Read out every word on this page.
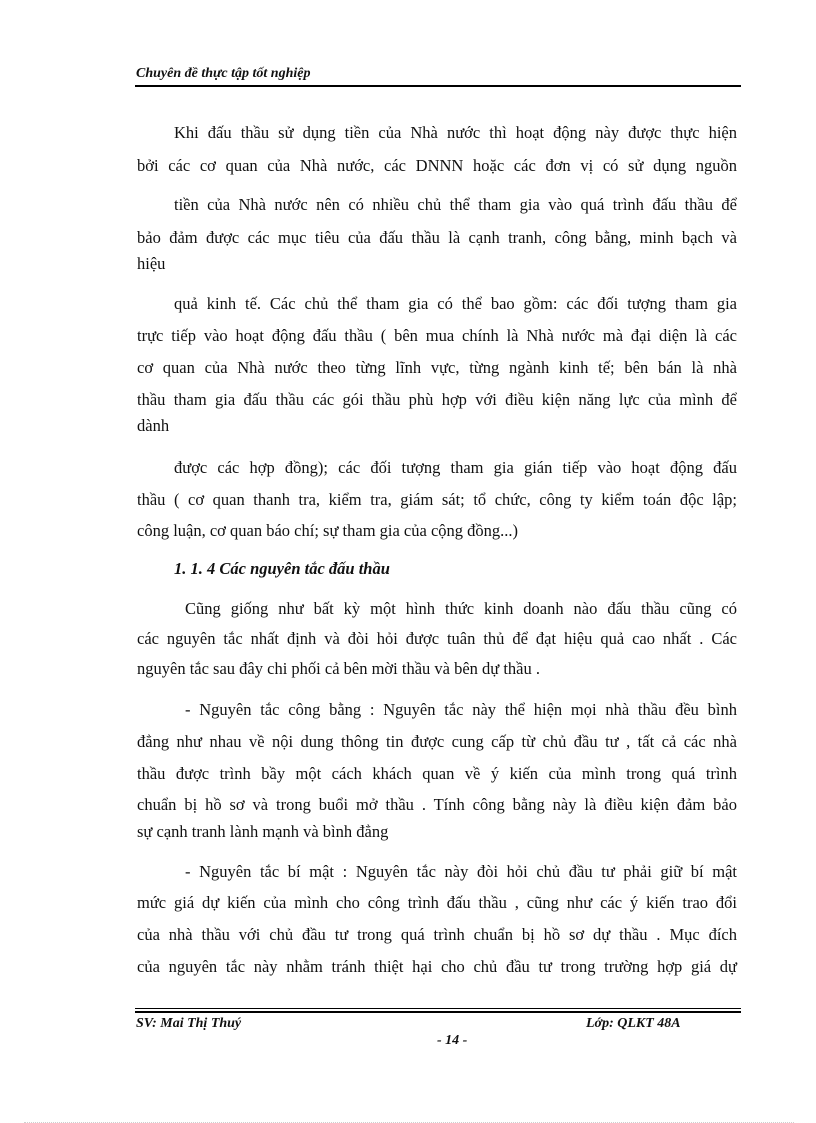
Chuyên đề thực tập tốt nghiệp
Khi đấu thầu sử dụng tiền của Nhà nước thì hoạt động này được thực hiện
bởi các cơ quan của Nhà nước, các DNNN hoặc các đơn vị có sử dụng nguồn
tiền của Nhà nước nên có nhiều chủ thể tham gia vào quá trình đấu thầu để
bảo đảm được các mục tiêu của đấu thầu là cạnh tranh, công bằng, minh bạch và
hiệu
quả kinh tế. Các chủ thể tham gia có thể bao gồm: các đối tượng tham gia
trực tiếp vào hoạt động đấu thầu ( bên mua chính là Nhà nước mà đại diện là các
cơ quan của Nhà nước theo từng lĩnh vực, từng ngành kinh tế; bên bán là nhà
thầu tham gia đấu thầu các gói thầu phù hợp với điều kiện năng lực của mình để
dành
được các hợp đồng); các đối tượng tham gia gián tiếp vào hoạt động đấu
thầu ( cơ quan thanh tra, kiểm tra, giám sát; tổ chức, công ty kiểm toán độc lập;
công luận, cơ quan báo chí; sự tham gia của cộng đồng...)
1. 1. 4 Các nguyên tắc đấu thầu
Cũng giống như bất kỳ một hình thức kinh doanh nào đấu thầu cũng có
các nguyên tắc nhất định và đòi hỏi được tuân thủ để đạt hiệu quả cao nhất . Các
nguyên tắc sau đây chi phối cả bên mời thầu và bên dự thầu .
- Nguyên tắc công bằng : Nguyên tắc này thể hiện mọi nhà thầu đều bình
đẳng như nhau về nội dung thông tin được cung cấp từ chủ đầu tư , tất cả các nhà
thầu được trình bầy một cách khách quan về ý kiến của mình trong quá trình
chuẩn bị hồ sơ và trong buổi mở thầu . Tính công bằng này là điều kiện đảm bảo
sự cạnh tranh lành mạnh và bình đẳng
- Nguyên tắc bí mật : Nguyên tắc này đòi hỏi chủ đầu tư phải giữ bí mật
mức giá dự kiến của mình cho công trình đấu thầu , cũng như các ý kiến trao đổi
của nhà thầu với chủ đầu tư trong quá trình chuẩn bị hồ sơ dự thầu . Mục đích
của nguyên tắc này nhằm tránh thiệt hại cho chủ đầu tư trong trường hợp giá dự
SV: Mai Thị Thuý	Lớp: QLKT 48A
- 14 -
